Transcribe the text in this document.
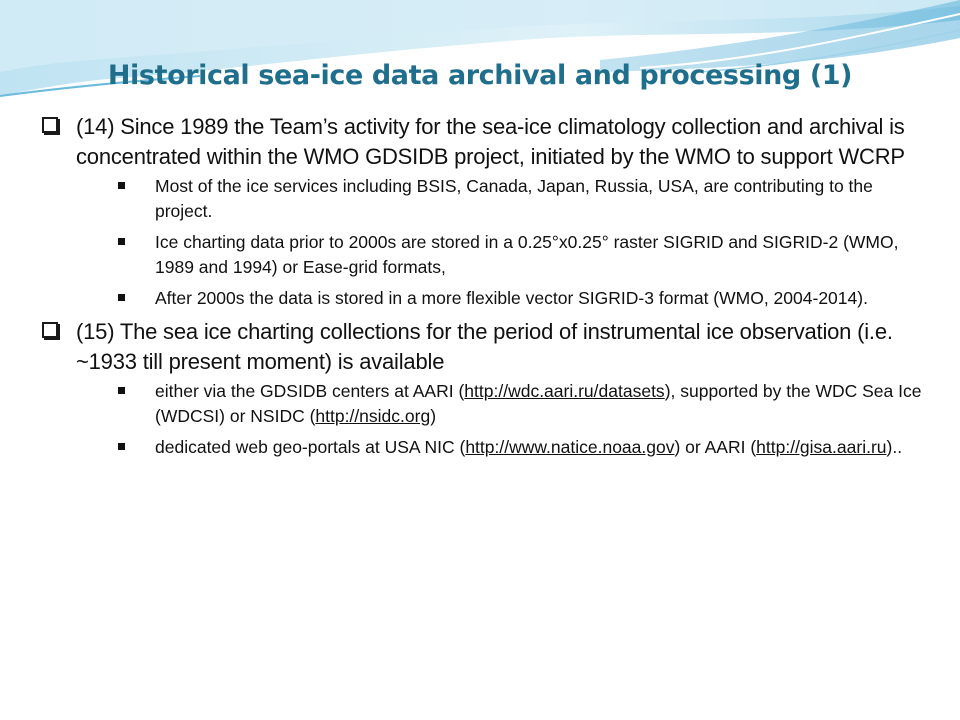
Historical sea-ice data archival and processing (1)
(14) Since 1989 the Team’s activity for the sea-ice climatology collection and archival is concentrated within the WMO GDSIDB project, initiated by the WMO to support WCRP
Most of the ice services including BSIS, Canada, Japan, Russia, USA, are contributing to the project.
Ice charting data prior to 2000s are stored in a 0.25°x0.25° raster SIGRID and SIGRID-2 (WMO, 1989 and 1994) or Ease-grid formats,
After 2000s the data is stored in a more flexible vector SIGRID-3 format (WMO, 2004-2014).
(15) The sea ice charting collections for the period of instrumental ice observation (i.e. ~1933 till present moment) is available
either via the GDSIDB centers at AARI (http://wdc.aari.ru/datasets), supported by the WDC Sea Ice (WDCSI) or NSIDC (http://nsidc.org)
dedicated web geo-portals at USA NIC (http://www.natice.noaa.gov) or AARI (http://gisa.aari.ru)..
